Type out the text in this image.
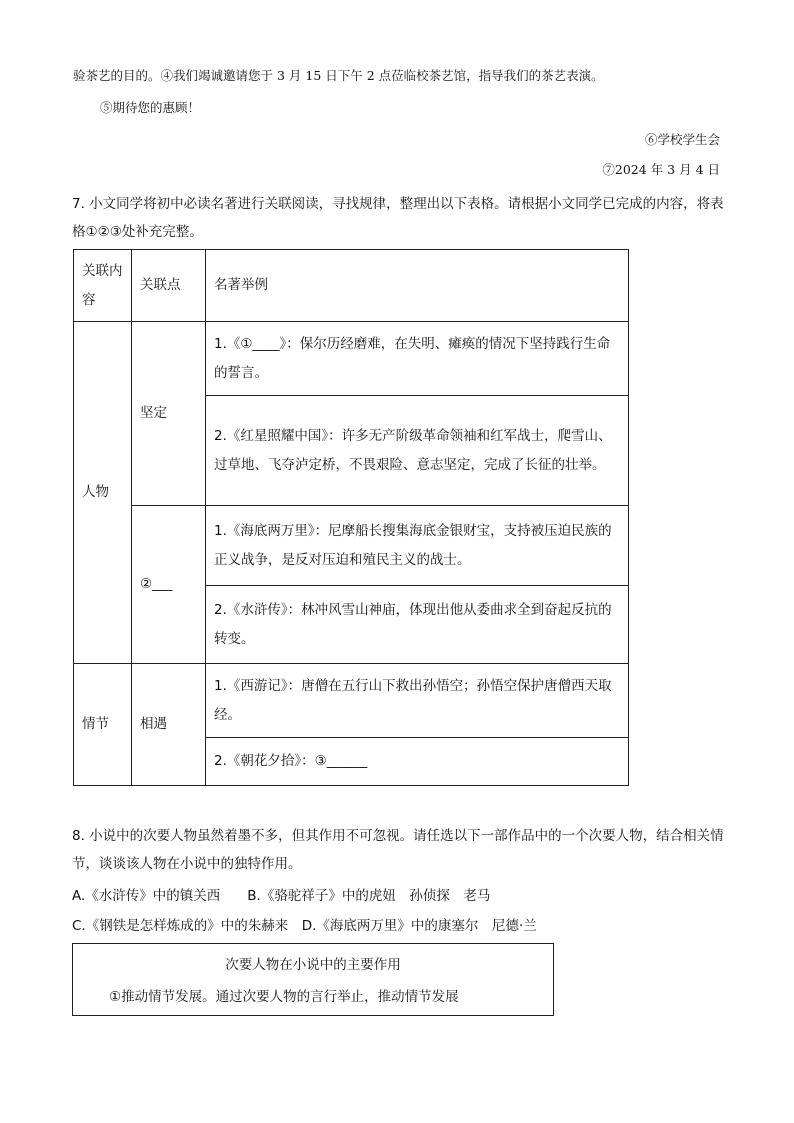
验茶艺的目的。④我们竭诚邀请您于 3 月 15 日下午 2 点莅临校茶艺馆，指导我们的茶艺表演。
⑤期待您的惠顾！
⑥学校学生会
⑦2024 年 3 月 4 日
7. 小文同学将初中必读名著进行关联阅读，寻找规律，整理出以下表格。请根据小文同学已完成的内容，将表格①②③处补充完整。
关联内容	关联点	名著举例
人物	坚定	1.《①____》：保尔历经磨难，在失明、瘫痪的情况下坚持践行生命的誓言。
		2.《红星照耀中国》：许多无产阶级革命领袖和红军战士，爬雪山、过草地、飞夺泸定桥，不畏艰险、意志坚定，完成了长征的壮举。
	②___	1.《海底两万里》：尼摩船长搜集海底金银财宝，支持被压迫民族的正义战争，是反对压迫和殖民主义的战士。
		2.《水浒传》：林冲风雪山神庙，体现出他从委曲求全到奋起反抗的转变。
情节	相遇	1.《西游记》：唐僧在五行山下救出孙悟空；孙悟空保护唐僧西天取经。
		2.《朝花夕拾》：③______
8. 小说中的次要人物虽然着墨不多，但其作用不可忽视。请任选以下一部作品中的一个次要人物，结合相关情节，谈谈该人物在小说中的独特作用。
A.《水浒传》中的镇关西　　B.《骆驼祥子》中的虎妞　孙侦探　老马
C.《钢铁是怎样炼成的》中的朱赫来　D.《海底两万里》中的康塞尔　尼德·兰
次要人物在小说中的主要作用
①推动情节发展。通过次要人物的言行举止，推动情节发展
